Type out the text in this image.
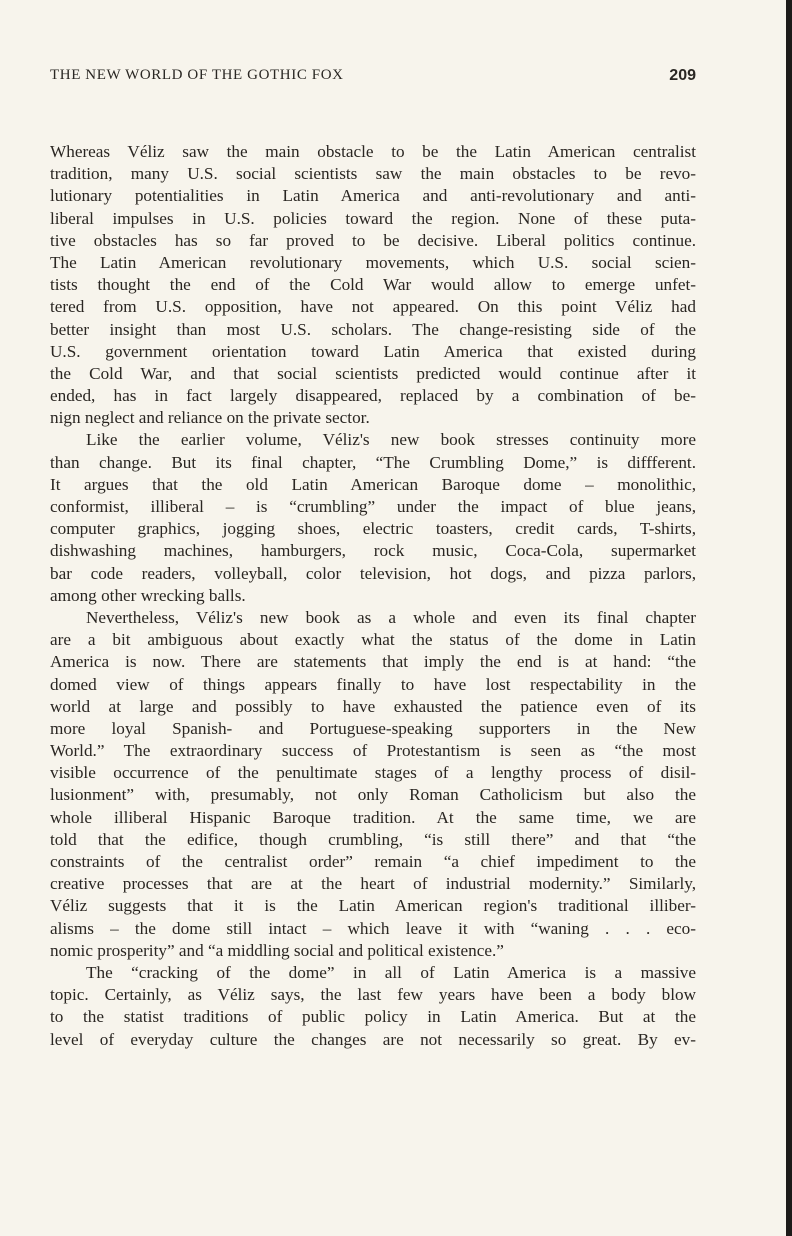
THE NEW WORLD OF THE GOTHIC FOX	209
Whereas Véliz saw the main obstacle to be the Latin American centralist
tradition, many U.S. social scientists saw the main obstacles to be revo-
lutionary potentialities in Latin America and anti-revolutionary and anti-
liberal impulses in U.S. policies toward the region. None of these puta-
tive obstacles has so far proved to be decisive. Liberal politics continue.
The Latin American revolutionary movements, which U.S. social scien-
tists thought the end of the Cold War would allow to emerge unfet-
tered from U.S. opposition, have not appeared. On this point Véliz had
better insight than most U.S. scholars. The change-resisting side of the
U.S. government orientation toward Latin America that existed during
the Cold War, and that social scientists predicted would continue after it
ended, has in fact largely disappeared, replaced by a combination of be-
nign neglect and reliance on the private sector.
Like the earlier volume, Véliz's new book stresses continuity more
than change. But its final chapter, “The Crumbling Dome,” is diffferent.
It argues that the old Latin American Baroque dome – monolithic,
conformist, illiberal – is “crumbling” under the impact of blue jeans,
computer graphics, jogging shoes, electric toasters, credit cards, T-shirts,
dishwashing machines, hamburgers, rock music, Coca-Cola, supermarket
bar code readers, volleyball, color television, hot dogs, and pizza parlors,
among other wrecking balls.
Nevertheless, Véliz's new book as a whole and even its final chapter
are a bit ambiguous about exactly what the status of the dome in Latin
America is now. There are statements that imply the end is at hand: “the
domed view of things appears finally to have lost respectability in the
world at large and possibly to have exhausted the patience even of its
more loyal Spanish- and Portuguese-speaking supporters in the New
World.” The extraordinary success of Protestantism is seen as “the most
visible occurrence of the penultimate stages of a lengthy process of disil-
lusionment” with, presumably, not only Roman Catholicism but also the
whole illiberal Hispanic Baroque tradition. At the same time, we are
told that the edifice, though crumbling, “is still there” and that “the
constraints of the centralist order” remain “a chief impediment to the
creative processes that are at the heart of industrial modernity.” Similarly,
Véliz suggests that it is the Latin American region's traditional illiber-
alisms – the dome still intact – which leave it with “waning . . . eco-
nomic prosperity” and “a middling social and political existence.”
The “cracking of the dome” in all of Latin America is a massive
topic. Certainly, as Véliz says, the last few years have been a body blow
to the statist traditions of public policy in Latin America. But at the
level of everyday culture the changes are not necessarily so great. By ev-
